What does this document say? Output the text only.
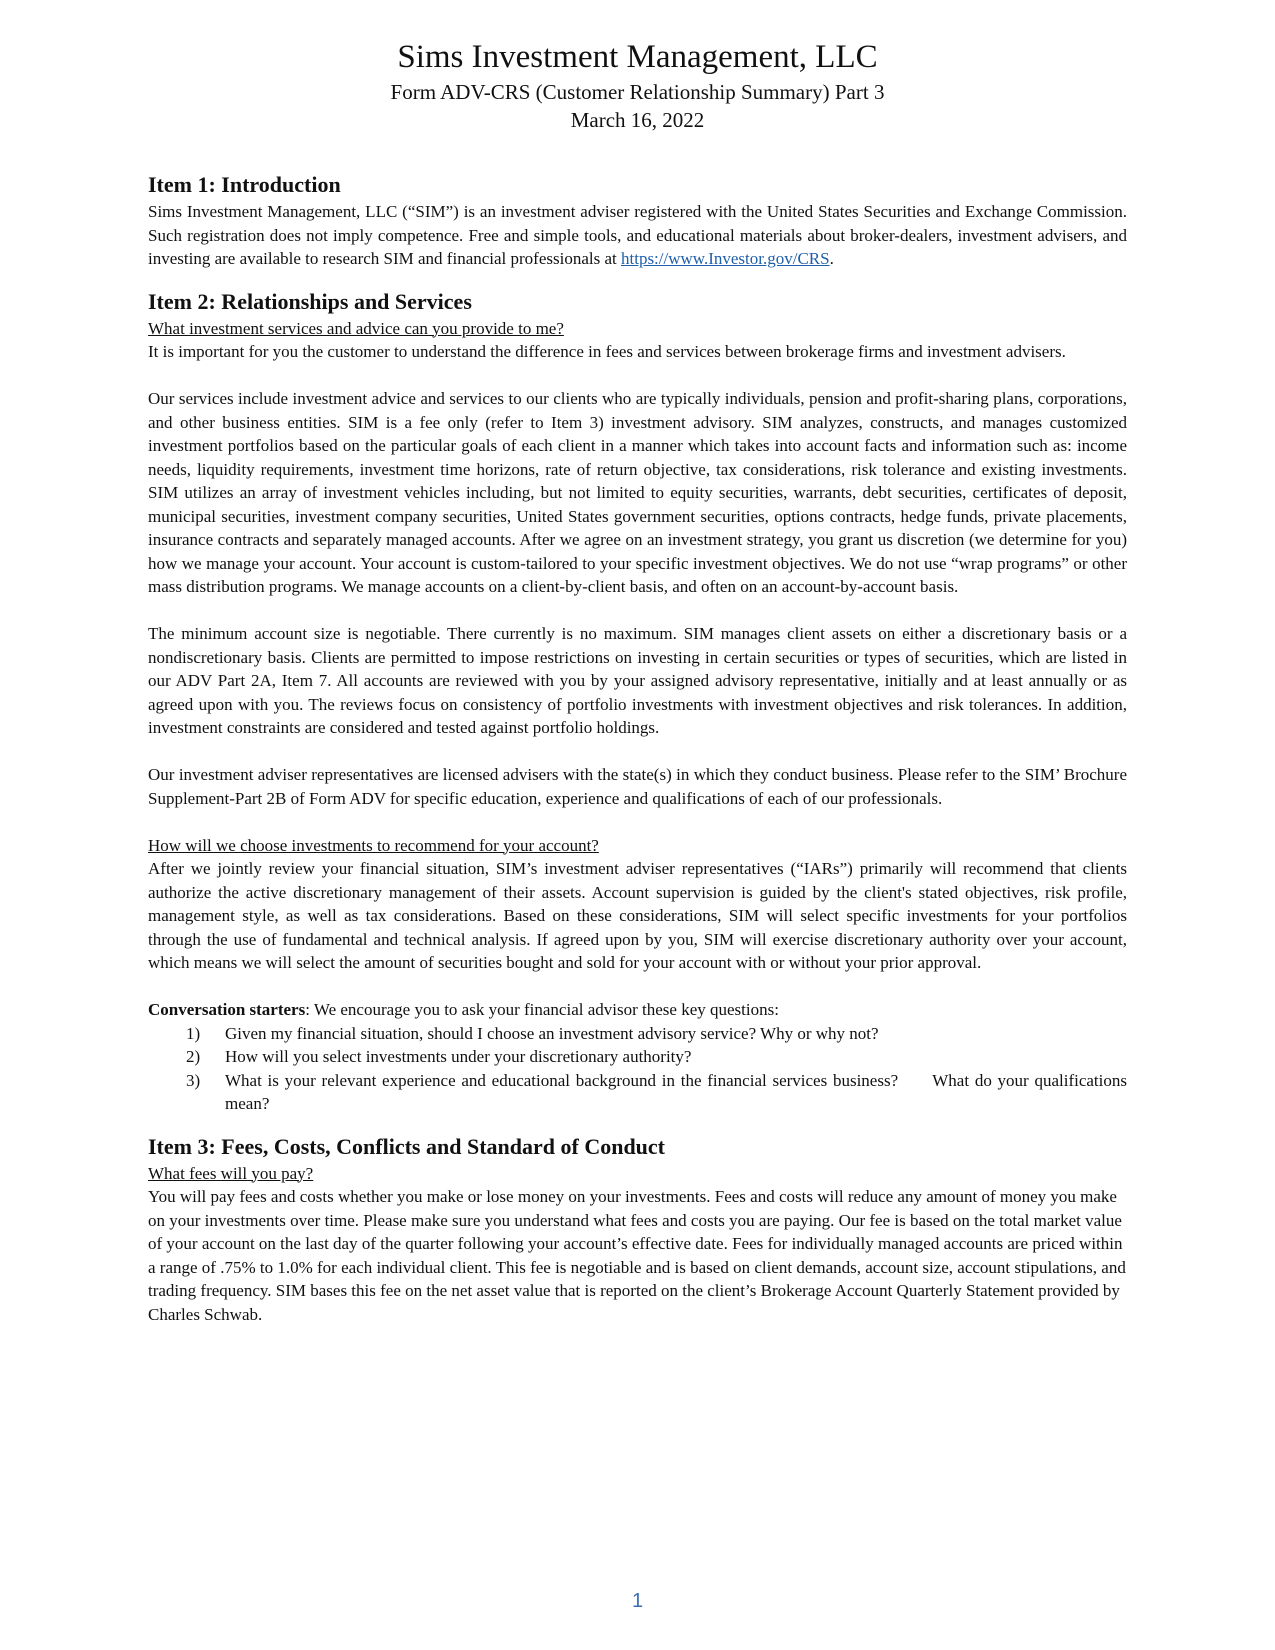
Sims Investment Management, LLC
Form ADV-CRS (Customer Relationship Summary) Part 3
March 16, 2022
Item 1: Introduction

Sims Investment Management, LLC (“SIM”) is an investment adviser registered with the United States Securities and Exchange Commission. Such registration does not imply competence. Free and simple tools, and educational materials about broker-dealers, investment advisers, and investing are available to research SIM and financial professionals at https://www.Investor.gov/CRS.

Item 2: Relationships and Services
What investment services and advice can you provide to me?

It is important for you the customer to understand the difference in fees and services between brokerage firms and investment advisers.

Our services include investment advice and services to our clients who are typically individuals, pension and profit-sharing plans, corporations, and other business entities. SIM is a fee only (refer to Item 3) investment advisory. SIM analyzes, constructs, and manages customized investment portfolios based on the particular goals of each client in a manner which takes into account facts and information such as: income needs, liquidity requirements, investment time horizons, rate of return objective, tax considerations, risk tolerance and existing investments. SIM utilizes an array of investment vehicles including, but not limited to equity securities, warrants, debt securities, certificates of deposit, municipal securities, investment company securities, United States government securities, options contracts, hedge funds, private placements, insurance contracts and separately managed accounts. After we agree on an investment strategy, you grant us discretion (we determine for you) how we manage your account. Your account is custom-tailored to your specific investment objectives. We do not use “wrap programs” or other mass distribution programs. We manage accounts on a client-by-client basis, and often on an account-by-account basis.

The minimum account size is negotiable. There currently is no maximum. SIM manages client assets on either a discretionary basis or a nondiscretionary basis. Clients are permitted to impose restrictions on investing in certain securities or types of securities, which are listed in our ADV Part 2A, Item 7. All accounts are reviewed with you by your assigned advisory representative, initially and at least annually or as agreed upon with you. The reviews focus on consistency of portfolio investments with investment objectives and risk tolerances. In addition, investment constraints are considered and tested against portfolio holdings.

Our investment adviser representatives are licensed advisers with the state(s) in which they conduct business. Please refer to the SIM’ Brochure Supplement-Part 2B of Form ADV for specific education, experience and qualifications of each of our professionals.

How will we choose investments to recommend for your account?

After we jointly review your financial situation, SIM’s investment adviser representatives (“IARs”) primarily will recommend that clients authorize the active discretionary management of their assets. Account supervision is guided by the client's stated objectives, risk profile, management style, as well as tax considerations. Based on these considerations, SIM will select specific investments for your portfolios through the use of fundamental and technical analysis. If agreed upon by you, SIM will exercise discretionary authority over your account, which means we will select the amount of securities bought and sold for your account with or without your prior approval.

Conversation starters: We encourage you to ask your financial advisor these key questions:
1)	Given my financial situation, should I choose an investment advisory service? Why or why not?
2)	How will you select investments under your discretionary authority?
3)	What is your relevant experience and educational background in the financial services business?      What do your qualifications mean?
Item 3: Fees, Costs, Conflicts and Standard of Conduct
What fees will you pay?

You will pay fees and costs whether you make or lose money on your investments. Fees and costs will reduce any amount of money you make on your investments over time. Please make sure you understand what fees and costs you are paying. Our fee is based on the total market value of your account on the last day of the quarter following your account’s effective date. Fees for individually managed accounts are priced within a range of .75% to 1.0% for each individual client. This fee is negotiable and is based on client demands, account size, account stipulations, and trading frequency. SIM bases this fee on the net asset value that is reported on the client’s Brokerage Account Quarterly Statement provided by Charles Schwab.

1
